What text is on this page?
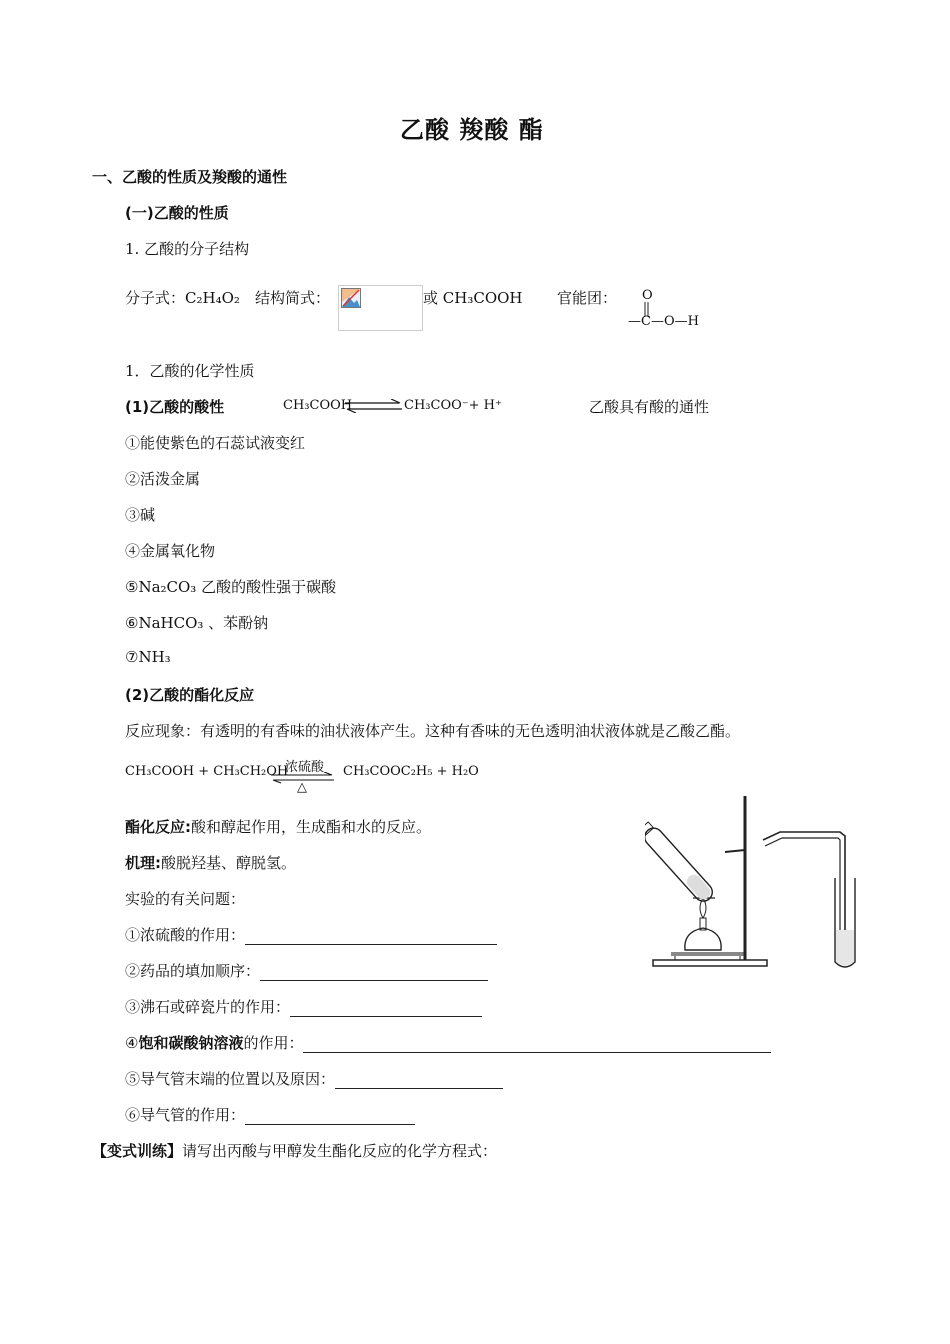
乙酸 羧酸 酯
一、乙酸的性质及羧酸的通性
(一)乙酸的性质
1. 乙酸的分子结构
分子式：C₂H₄O₂ 结构简式：	或 CH₃COOH 官能团： O
—C—O—H
1．乙酸的化学性质
(1)乙酸的酸性	CH₃COOH ⇌ CH₃COO⁻+ H⁺	乙酸具有酸的通性
①能使紫色的石蕊试液变红
②活泼金属
③碱
④金属氧化物
⑤Na₂CO₃ 乙酸的酸性强于碳酸
⑥NaHCO₃ 、苯酚钠
⑦NH₃
(2)乙酸的酯化反应
反应现象：有透明的有香味的油状液体产生。这种有香味的无色透明油状液体就是乙酸乙酯。
CH₃COOH + CH₃CH₂OH
浓硫酸
△
CH₃COOC₂H₅ + H₂O
酯化反应:酸和醇起作用，生成酯和水的反应。
机理:酸脱羟基、醇脱氢。
实验的有关问题：
①浓硫酸的作用：
②药品的填加顺序：
③沸石或碎瓷片的作用：
④饱和碳酸钠溶液的作用：
⑤导气管末端的位置以及原因：
⑥导气管的作用：
【变式训练】请写出丙酸与甲醇发生酯化反应的化学方程式：
